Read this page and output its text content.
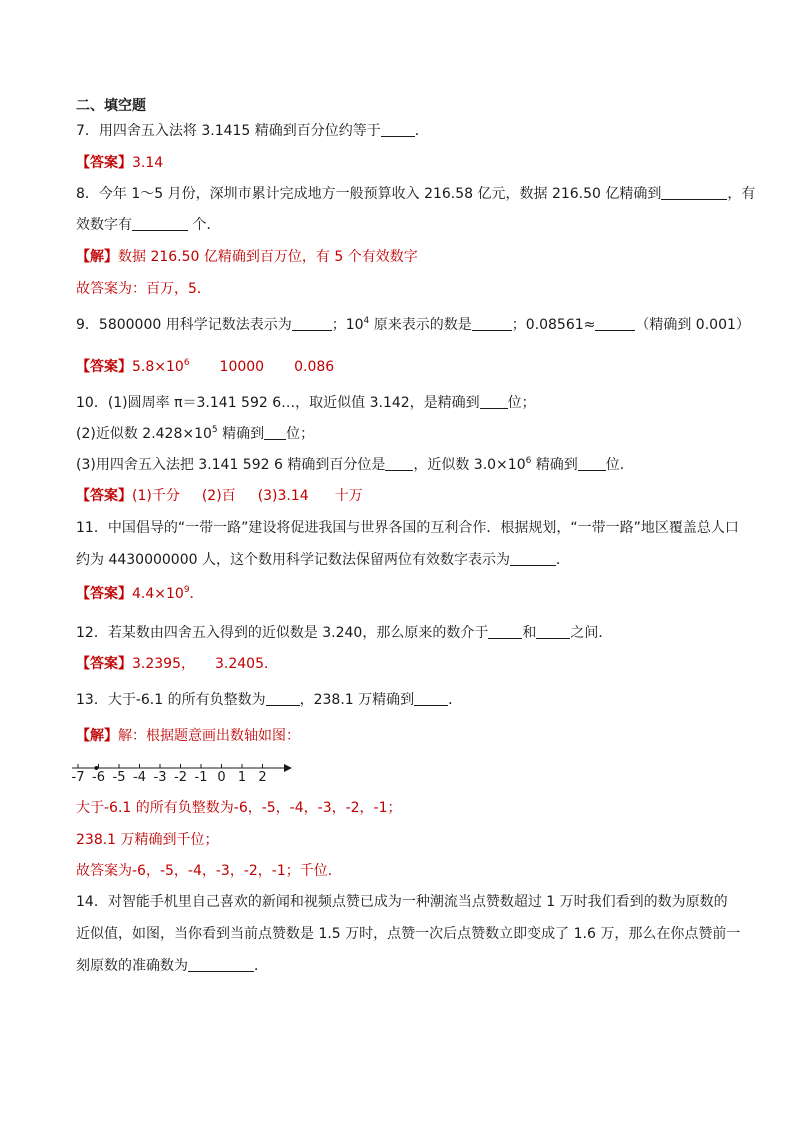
二、填空题
7．用四舍五入法将 3.1415 精确到百分位约等于 ．
【答案】3.14
8．今年 1～5 月份，深圳市累计完成地方一般预算收入 216.58 亿元，数据 216.50 亿精确到	，有
效数字有	个．
【解】数据 216.50 亿精确到百万位，有 5 个有效数字
故答案为：百万，5．
9．5800000 用科学记数法表示为	；$10^4$ 原来表示的数是	；0.08561≈	（精确到 0.001）
【答案】$5.8\times 10^6$ 10000 0.086
10．(1)圆周率 π＝3.141 592 6…，取近似值 3.142，是精确到 位；
(2)近似数 $2.428\times 10^5$ 精确到 位；
(3)用四舍五入法把 3.141 592 6 精确到百分位是 ，近似数 $3.0\times 10^6$ 精确到 位．
【答案】(1)千分 (2)百 (3)3.14 十万
11．中国倡导的“一带一路”建设将促进我国与世界各国的互利合作．根据规划，“一带一路”地区覆盖总人口
约为 4430000000 人，这个数用科学记数法保留两位有效数字表示为	．
【答案】$4.4\times 10^9$．
12．若某数由四舍五入得到的近似数是 3.240，那么原来的数介于 和 之间．
【答案】3.2395， 3.2405．
13．大于-6.1 的所有负整数为 ，238.1 万精确到 ．
【解】解：根据题意画出数轴如图：
-7 -6 -5 -4 -3 -2 -1 0 1 2
大于-6.1 的所有负整数为-6，-5，-4，-3，-2，-1；
238.1 万精确到千位；
故答案为-6，-5，-4，-3，-2，-1；千位．
14．对智能手机里自己喜欢的新闻和视频点赞已成为一种潮流当点赞数超过 1 万时我们看到的数为原数的
近似值，如图，当你看到当前点赞数是 1.5 万时，点赞一次后点赞数立即变成了 1.6 万，那么在你点赞前一
刻原数的准确数为	．
